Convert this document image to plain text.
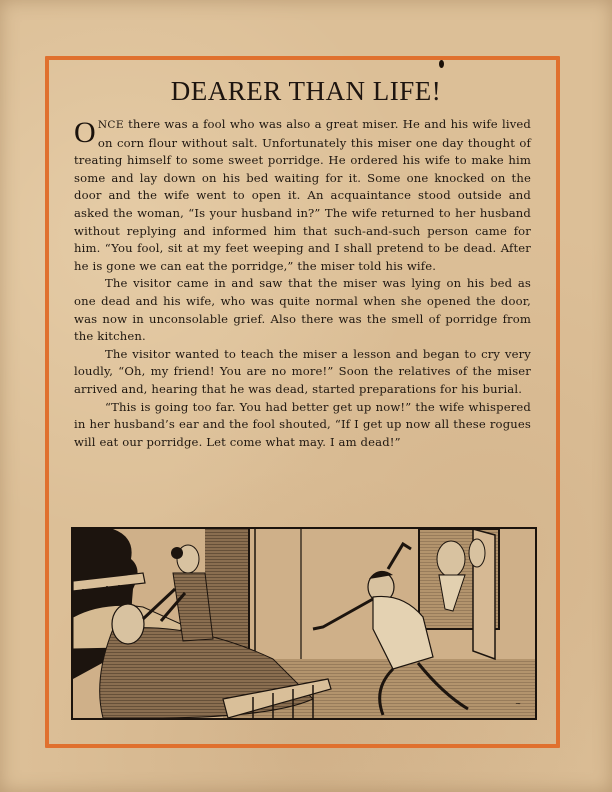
DEARER THAN LIFE!

ONCE there was a fool who was also a great miser. He and his wife lived on corn flour without salt. Unfortunately this miser one day thought of treating himself to some sweet porridge. He ordered his wife to make him some and lay down on his bed waiting for it. Some one knocked on the door and the wife went to open it. An acquaintance stood outside and asked the woman, “Is your husband in?” The wife returned to her husband without replying and informed him that such-and-such person came for him. “You fool, sit at my feet weeping and I shall pretend to be dead. After he is gone we can eat the porridge,” the miser told his wife.

The visitor came in and saw that the miser was lying on his bed as one dead and his wife, who was quite normal when she opened the door, was now in unconsolable grief. Also there was the smell of porridge from the kitchen.

The visitor wanted to teach the miser a lesson and began to cry very loudly, “Oh, my friend! You are no more!” Soon the relatives of the miser arrived and, hearing that he was dead, started preparations for his burial.

“This is going too far. You had better get up now!” the wife whispered in her husband’s ear and the fool shouted, “If I get up now all these rogues will eat our porridge. Let come what may. I am dead!”

~
